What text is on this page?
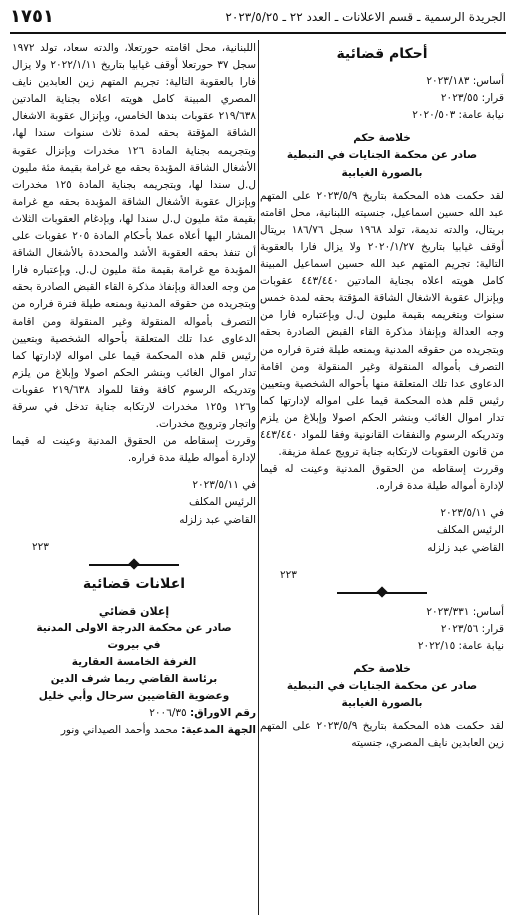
١٧٥١	الجريدة الرسمية ـ قسم الاعلانات ـ العدد ٢٢ ـ ٢٠٢٣/٥/٢٥
أحكام قضائية

أساس: ٢٠٢٣/١٨٣

قرار: ٢٠٢٣/٥٥

نيابة عامة: ٢٠٢٠/٥٠٣

خلاصة حكم

صادر عن محكمة الجنايات في النبطية

بالصورة الغيابية

لقد حكمت هذه المحكمة بتاريخ ٢٠٢٣/٥/٩ على المتهم عبد الله حسين اسماعيل، جنسيته اللبنانية، محل اقامته بريتال، والدته نديمة، تولد ١٩٦٨ سجل ١٨٦/٧٦ بريتال أوقف غيابيا بتاريخ ٢٠٢٠/١/٢٧ ولا يزال فارا بالعقوبة التالية: تجريم المتهم عبد الله حسين اسماعيل المبينة كامل هويته اعلاه بجناية المادتين ٤٤٣/٤٤٠ عقوبات وبإنزال عقوبة الاشغال الشاقة المؤقتة بحقه لمدة خمس سنوات وبتغريمه بقيمة مليون ل.ل وبإعتباره فارا من وجه العدالة وبإنفاذ مذكرة القاء القبض الصادرة بحقه وبتجريده من حقوقه المدنية وبمنعه طيلة فترة فراره من التصرف بأمواله المنقولة وغير المنقولة ومن اقامة الدعاوى عدا تلك المتعلقة منها بأحواله الشخصية وبتعيين رئيس قلم هذه المحكمة قيما على امواله لإدارتها كما تدار اموال الغائب وبنشر الحكم اصولا وإبلاغ من يلزم وتدريكه الرسوم والنفقات القانونية وفقا للمواد ٤٤٣/٤٤٠ من قانون العقوبات لارتكابه جناية ترويج عملة مزيفة.

وقررت إسقاطه من الحقوق المدنية وعينت له قيما لإدارة أمواله طيلة مدة فراره.

في ٢٠٢٣/٥/١١
الرئيس المكلف
القاضي عبد زلزله
٢٢٣

أساس: ٢٠٢٣/٣٣١

قرار: ٢٠٢٣/٥٦

نيابة عامة: ٢٠٢٢/١٥

خلاصة حكم

صادر عن محكمة الجنايات في النبطية

بالصورة الغيابية

لقد حكمت هذه المحكمة بتاريخ ٢٠٢٣/٥/٩ على المتهم زين العابدين نايف المصري، جنسيته

اللبنانية، محل اقامته حورتعلا، والدته سعاد، تولد ١٩٧٢ سجل ٣٧ حورتعلا أوقف غيابيا بتاريخ ٢٠٢٢/١/١١ ولا يزال فارا بالعقوبة التالية: تجريم المتهم زين العابدين نايف المصري المبينة كامل هويته اعلاه بجناية المادتين ٢١٩/٦٣٨ عقوبات بندها الخامس، وبإنزال عقوبة الاشغال الشاقة المؤقتة بحقه لمدة ثلاث سنوات سندا لها، وبتجريمه بجناية المادة ١٢٦ مخدرات وبإنزال عقوبة الأشغال الشاقة المؤبدة بحقه مع غرامة بقيمة مئة مليون ل.ل سندا لها، وبتجريمه بجناية المادة ١٢٥ مخدرات وبإنزال عقوبة الأشغال الشاقة المؤبدة بحقه مع غرامة بقيمة مئة مليون ل.ل سندا لها، وبإدغام العقوبات الثلاث المشار اليها أعلاه عملا بأحكام المادة ٢٠٥ عقوبات على أن تنفذ بحقه العقوبة الأشد والمحددة بالأشغال الشاقة المؤبدة مع غرامة بقيمة مئة مليون ل.ل. وبإعتباره فارا من وجه العدالة وبإنفاذ مذكرة القاء القبض الصادرة بحقه وبتجريده من حقوقه المدنية وبمنعه طيلة فترة فراره من التصرف بأمواله المنقولة وغير المنقولة ومن اقامة الدعاوى عدا تلك المتعلقة بأحواله الشخصية وبتعيين رئيس قلم هذه المحكمة قيما على امواله لإدارتها كما تدار اموال الغائب وبنشر الحكم اصولا وإبلاغ من يلزم وتدريكه الرسوم كافة وفقا للمواد ٢١٩/٦٣٨ عقوبات و١٢٦ و١٢٥ مخدرات لارتكابه جناية تدخل في سرقة واتجار وترويج مخدرات.

وقررت إسقاطه من الحقوق المدنية وعينت له قيما لإدارة أمواله طيلة مدة فراره.

في ٢٠٢٣/٥/١١
الرئيس المكلف
القاضي عبد زلزله
٢٢٣
اعلانات قضائية

إعلان قضائي

صادر عن محكمة الدرجة الاولى المدنية

في بيروت

الغرفة الخامسة العقارية

برئاسة القاضي ريما شرف الدين

وعضوية القاضيين سرحال وأبي خليل

رقم الاوراق: ٢٠٠٦/٣٥

الجهة المدعية: محمد وأحمد الصيداني ونور
